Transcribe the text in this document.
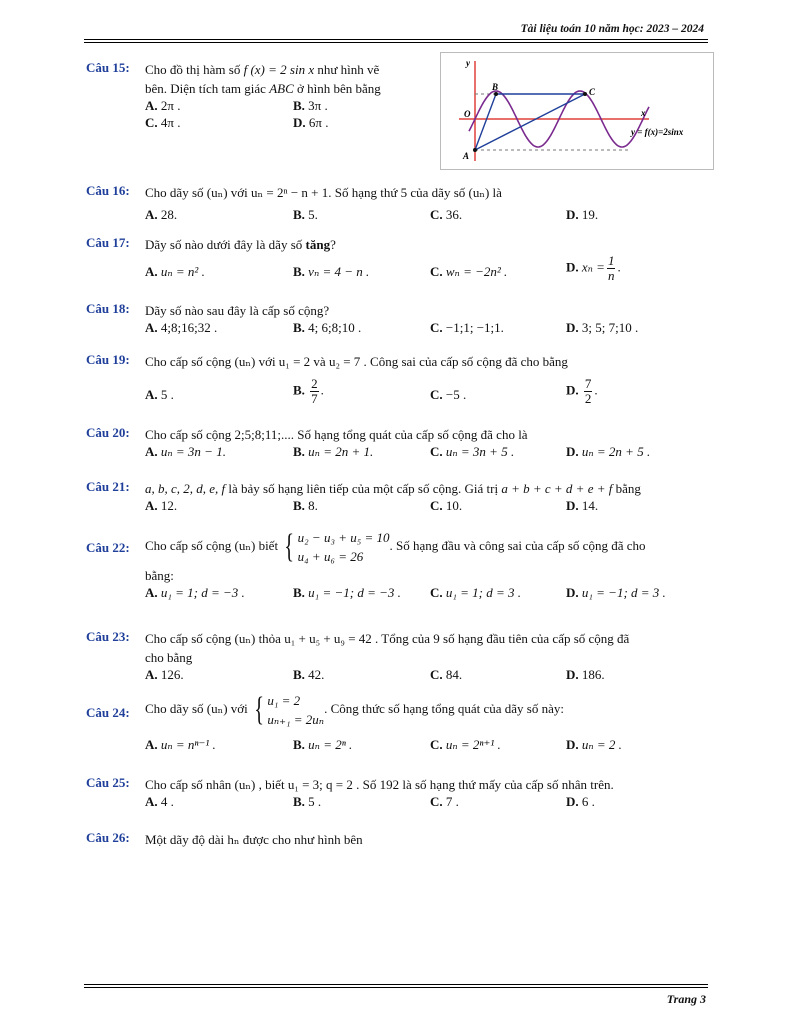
Tài liệu toán 10 năm học: 2023 – 2024
Câu 15:	Cho đồ thị hàm số f (x) = 2 sin x như hình vẽ
bên. Diện tích tam giác ABC ở hình bên bằng
A. 2π .	B. 3π .
C. 4π .	D. 6π .
y
x
O
A
B	C
y = f(x)=2sinx
Câu 16:	Cho dãy số (uₙ) với uₙ = 2ⁿ − n + 1. Số hạng thứ 5 của dãy số (uₙ) là
A. 28.	B. 5.	C. 36.	D. 19.
Câu 17:	Dãy số nào dưới đây là dãy số tăng?
A. uₙ = n² .	B. vₙ = 4 − n .	C. wₙ = −2n² .	D. $x_n = \frac{1}{n}$ .
Câu 18:	Dãy số nào sau đây là cấp số cộng?
A. 4;8;16;32 .	B. 4; 6;8;10 .	C. −1;1; −1;1.	D. 3; 5; 7;10 .
Câu 19:	Cho cấp số cộng (uₙ) với u₁ = 2 và u₂ = 7 . Công sai của cấp số cộng đã cho bằng
A. 5 .	B. $\frac{2}{7}$ .	C. −5 .	D. $\frac{7}{2}$ .
Câu 20:	Cho cấp số cộng 2;5;8;11;.... Số hạng tổng quát của cấp số cộng đã cho là
A. uₙ = 3n − 1.	B. uₙ = 2n + 1.	C. uₙ = 3n + 5 .	D. uₙ = 2n + 5 .
Câu 21:	a, b, c, 2, d, e, f là bảy số hạng liên tiếp của một cấp số cộng. Giá trị a + b + c + d + e + f bằng
A. 12.	B. 8.	C. 10.	D. 14.
Câu 22:	Cho cấp số cộng (uₙ) biết { u₂ − u₃ + u₅ = 10
u₄ + u₆ = 26
. Số hạng đầu và công sai của cấp số cộng đã cho
bằng:
A. u₁ = 1; d = −3 .	B. u₁ = −1; d = −3 . C. u₁ = 1; d = 3 .	D. u₁ = −1; d = 3 .
Câu 23:	Cho cấp số cộng (uₙ) thỏa u₁ + u₅ + u₉ = 42 . Tổng của 9 số hạng đầu tiên của cấp số cộng đã
cho bằng
A. 126.	B. 42.	C. 84.	D. 186.
Câu 24:	Cho dãy số (uₙ) với { u₁ = 2
uₙ₊₁ = 2uₙ
. Công thức số hạng tổng quát của dãy số này:
A. uₙ = nⁿ⁻¹ .	B. uₙ = 2ⁿ .	C. uₙ = 2ⁿ⁺¹ .	D. uₙ = 2 .
Câu 25:	Cho cấp số nhân (uₙ) , biết u₁ = 3; q = 2 . Số 192 là số hạng thứ mấy của cấp số nhân trên.
A. 4 .	B. 5 .	C. 7 .	D. 6 .
Câu 26:	Một dãy độ dài hₙ được cho như hình bên
Trang 3
